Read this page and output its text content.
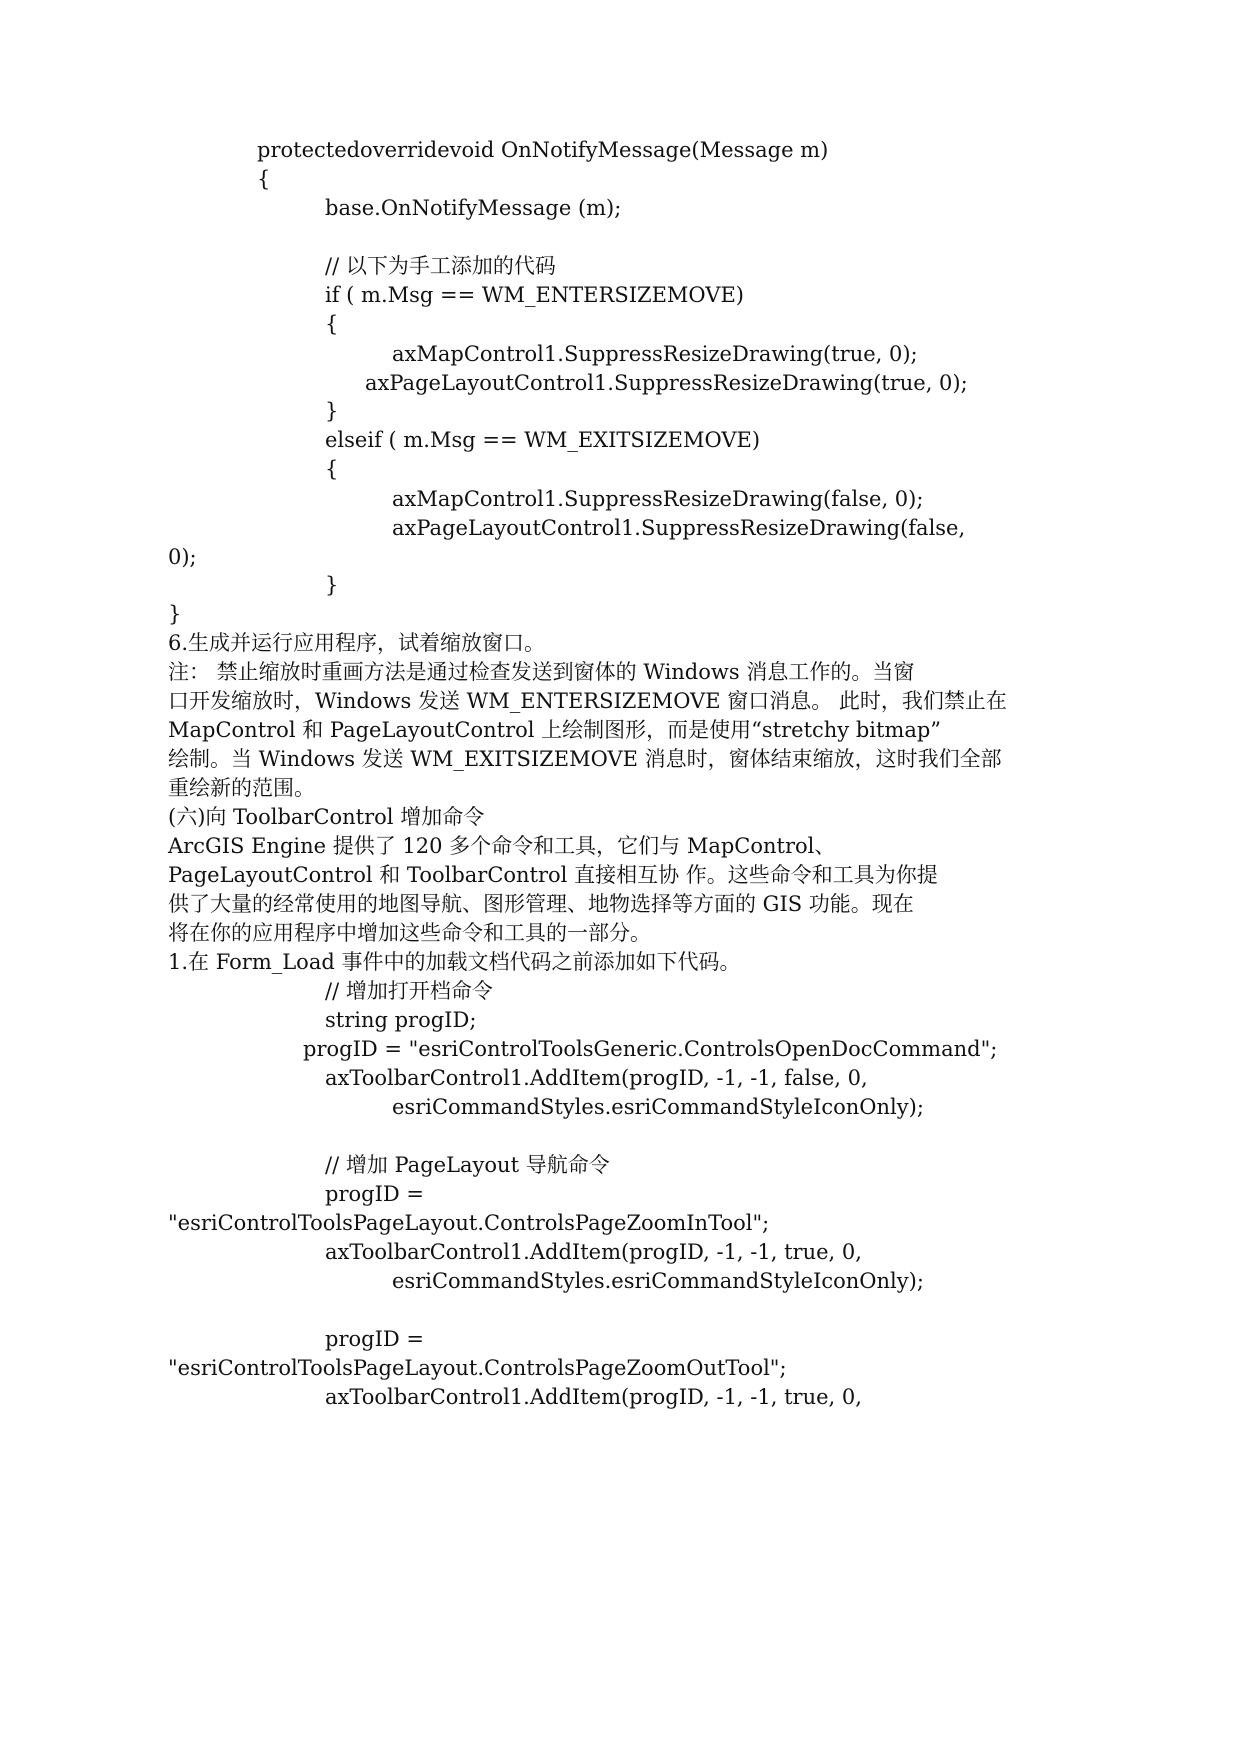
protectedoverridevoid OnNotifyMessage(Message m)
{
base.OnNotifyMessage (m);
// 以下为手工添加的代码
if ( m.Msg == WM_ENTERSIZEMOVE)
{
axMapControl1.SuppressResizeDrawing(true, 0);
axPageLayoutControl1.SuppressResizeDrawing(true, 0);
}
elseif ( m.Msg == WM_EXITSIZEMOVE)
{
axMapControl1.SuppressResizeDrawing(false, 0);
axPageLayoutControl1.SuppressResizeDrawing(false,
0);
}
}
6.生成并运行应用程序，试着缩放窗口。
注： 禁止缩放时重画方法是通过检查发送到窗体的 Windows 消息工作的。当窗
口开发缩放时，Windows 发送 WM_ENTERSIZEMOVE 窗口消息。 此时，我们禁止在
MapControl 和 PageLayoutControl 上绘制图形，而是使用“stretchy bitmap”
绘制。当 Windows 发送 WM_EXITSIZEMOVE 消息时，窗体结束缩放，这时我们全部
重绘新的范围。
(六)向 ToolbarControl 增加命令
ArcGIS Engine 提供了 120 多个命令和工具，它们与 MapControl、
PageLayoutControl 和 ToolbarControl 直接相互协 作。这些命令和工具为你提
供了大量的经常使用的地图导航、图形管理、地物选择等方面的 GIS 功能。现在
将在你的应用程序中增加这些命令和工具的一部分。
1.在 Form_Load 事件中的加载文档代码之前添加如下代码。
// 增加打开档命令
string progID;
progID = "esriControlToolsGeneric.ControlsOpenDocCommand";
axToolbarControl1.AddItem(progID, -1, -1, false, 0,
esriCommandStyles.esriCommandStyleIconOnly);
// 增加 PageLayout 导航命令
progID =
"esriControlToolsPageLayout.ControlsPageZoomInTool";
axToolbarControl1.AddItem(progID, -1, -1, true, 0,
esriCommandStyles.esriCommandStyleIconOnly);
progID =
"esriControlToolsPageLayout.ControlsPageZoomOutTool";
axToolbarControl1.AddItem(progID, -1, -1, true, 0,
